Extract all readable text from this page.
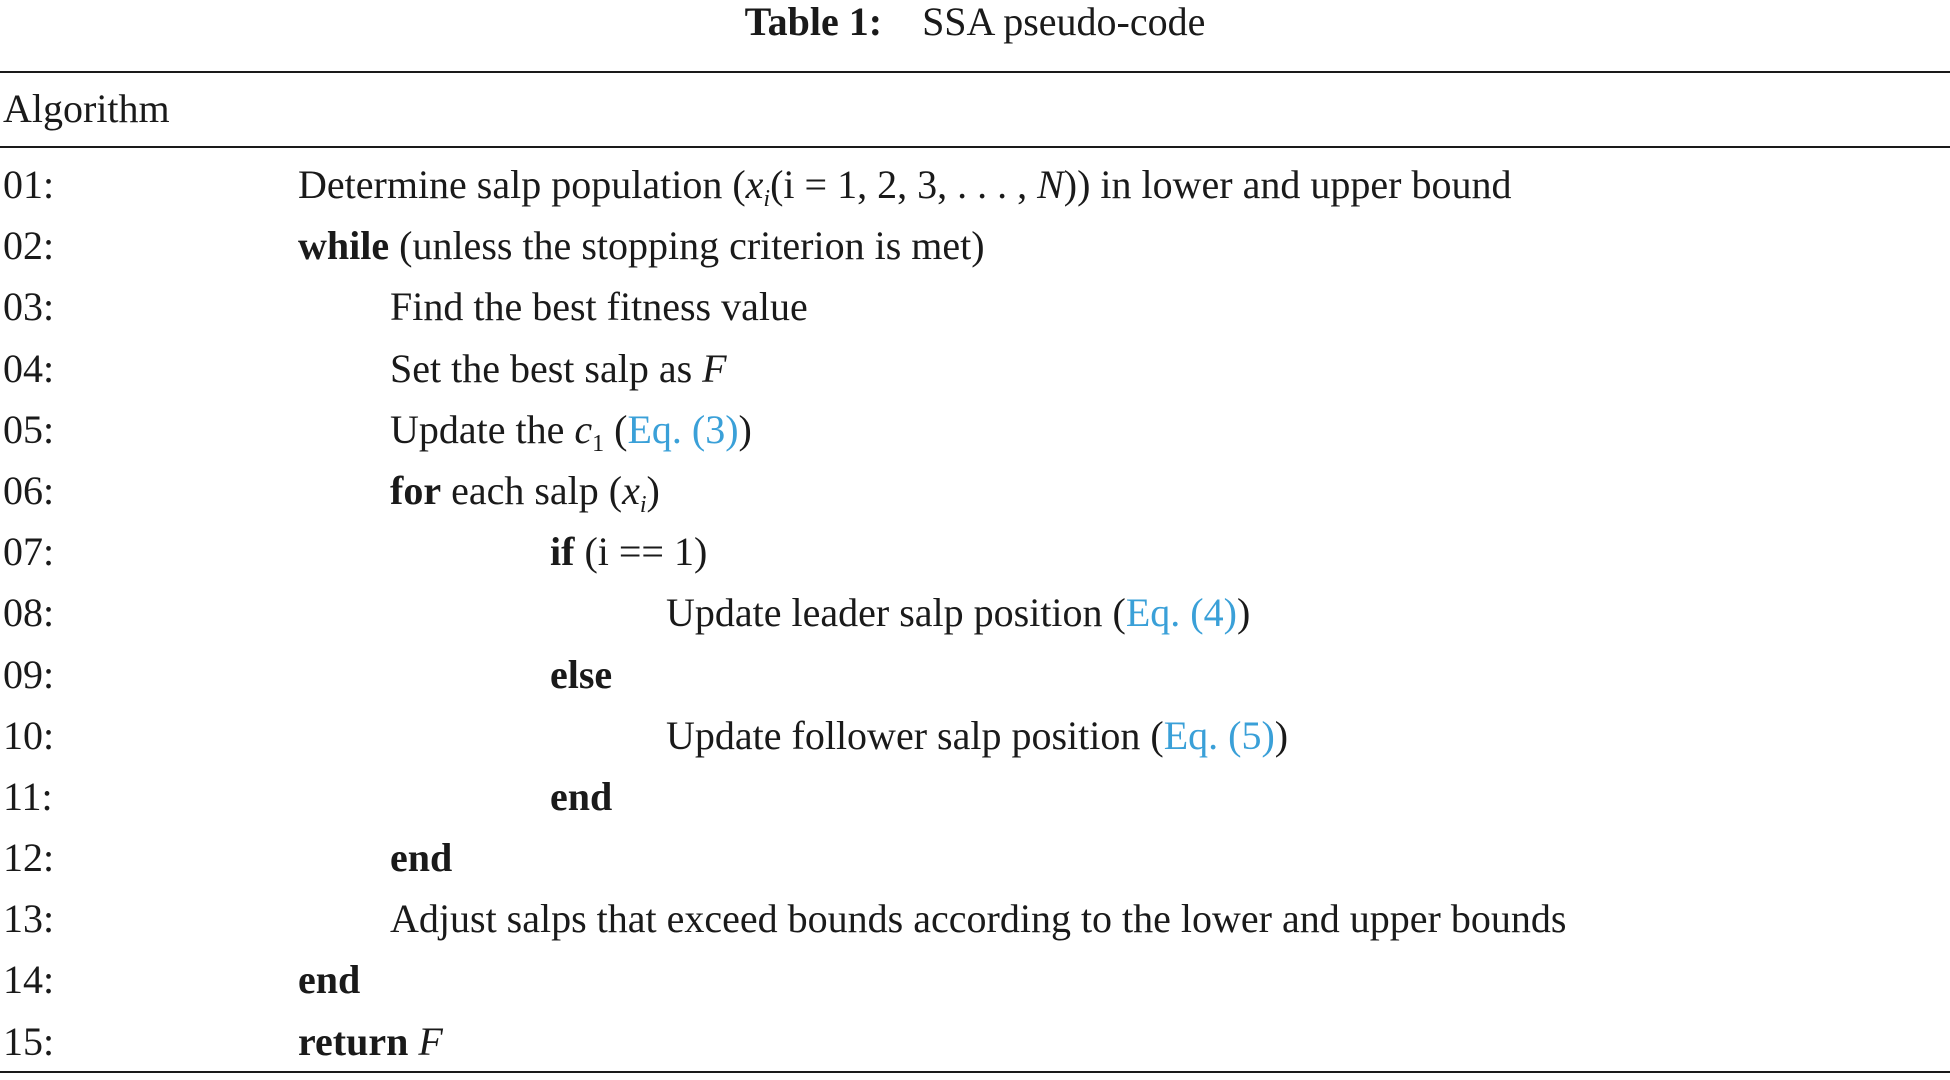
Table 1: SSA pseudo-code
Algorithm
01:	Determine salp population ($x_i(i = 1$, 2, 3, . . . , N)) in lower and upper bound
02:	while (unless the stopping criterion is met)
03:	Find the best fitness value
04:	Set the best salp as F
05:	Update the $c_1$ (Eq. (3))
06:	for each salp $(x_i)$
07:	if (i == 1)
08:	Update leader salp position (Eq. (4))
09:	else
10:	Update follower salp position (Eq. (5))
11:	end
12:	end
13:	Adjust salps that exceed bounds according to the lower and upper bounds
14:	end
15:	return F
